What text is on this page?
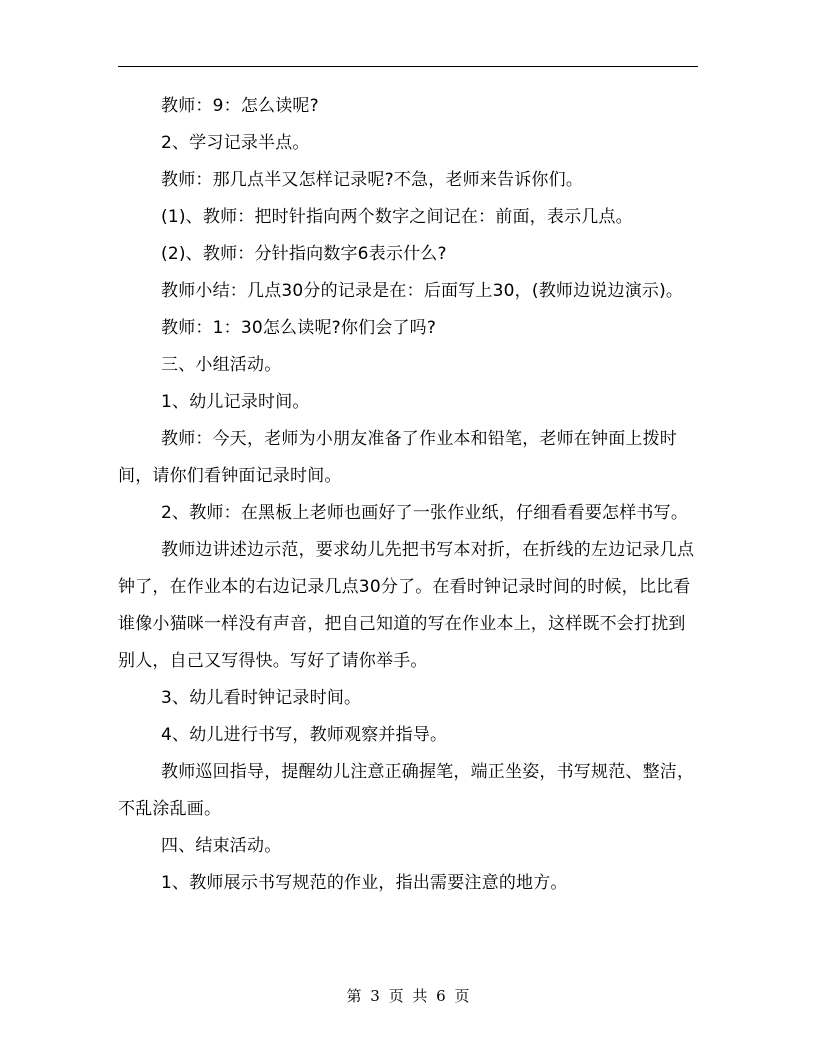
教师：9：怎么读呢?

2、学习记录半点。

教师：那几点半又怎样记录呢?不急，老师来告诉你们。

(1)、教师：把时针指向两个数字之间记在：前面，表示几点。

(2)、教师：分针指向数字6表示什么?

教师小结：几点30分的记录是在：后面写上30，(教师边说边演示)。

教师：1：30怎么读呢?你们会了吗?

三、小组活动。

1、幼儿记录时间。

教师：今天，老师为小朋友准备了作业本和铅笔，老师在钟面上拨时间，请你们看钟面记录时间。

2、教师：在黑板上老师也画好了一张作业纸，仔细看看要怎样书写。

教师边讲述边示范，要求幼儿先把书写本对折，在折线的左边记录几点钟了，在作业本的右边记录几点30分了。在看时钟记录时间的时候，比比看谁像小猫咪一样没有声音，把自己知道的写在作业本上，这样既不会打扰到别人，自己又写得快。写好了请你举手。

3、幼儿看时钟记录时间。

4、幼儿进行书写，教师观察并指导。

教师巡回指导，提醒幼儿注意正确握笔，端正坐姿，书写规范、整洁，不乱涂乱画。

四、结束活动。

1、教师展示书写规范的作业，指出需要注意的地方。

第 3 页 共 6 页
